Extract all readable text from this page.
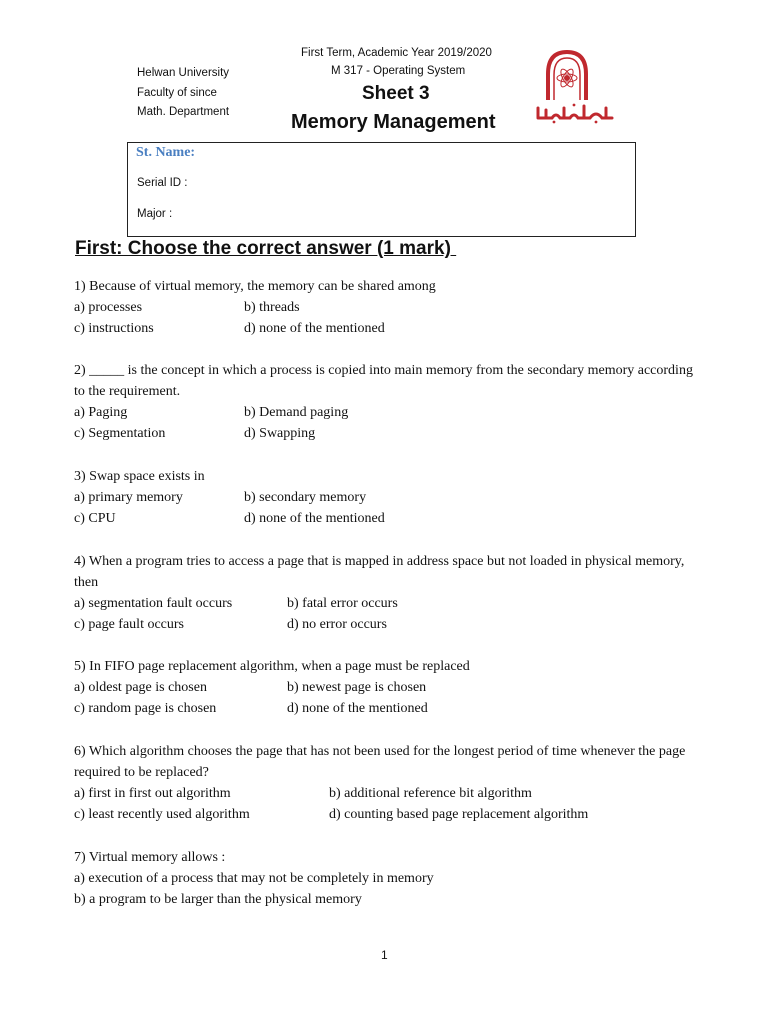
Helwan University
Faculty of since
Math. Department
First Term, Academic Year 2019/2020
M 317 - Operating System
Sheet 3
Memory Management
St. Name:
Serial ID :
Major :
First: Choose the correct answer (1 mark)

1) Because of virtual memory, the memory can be shared among

a) processes	b) threads
c) instructions	d) none of the mentioned

2) _____ is the concept in which a process is copied into main memory from the secondary memory according to the requirement.

a) Paging	b) Demand paging
c) Segmentation	d) Swapping

3) Swap space exists in

a) primary memory	b) secondary memory
c) CPU	d) none of the mentioned

4) When a program tries to access a page that is mapped in address space but not loaded in physical memory, then

a) segmentation fault occurs	b) fatal error occurs
c) page fault occurs	d) no error occurs

5) In FIFO page replacement algorithm, when a page must be replaced

a) oldest page is chosen	b) newest page is chosen
c) random page is chosen	d) none of the mentioned

6) Which algorithm chooses the page that has not been used for the longest period of time whenever the page required to be replaced?

a) first in first out algorithm	b) additional reference bit algorithm
c) least recently used algorithm	d) counting based page replacement algorithm

7) Virtual memory allows :

a) execution of a process that may not be completely in memory
b) a program to be larger than the physical memory
1
